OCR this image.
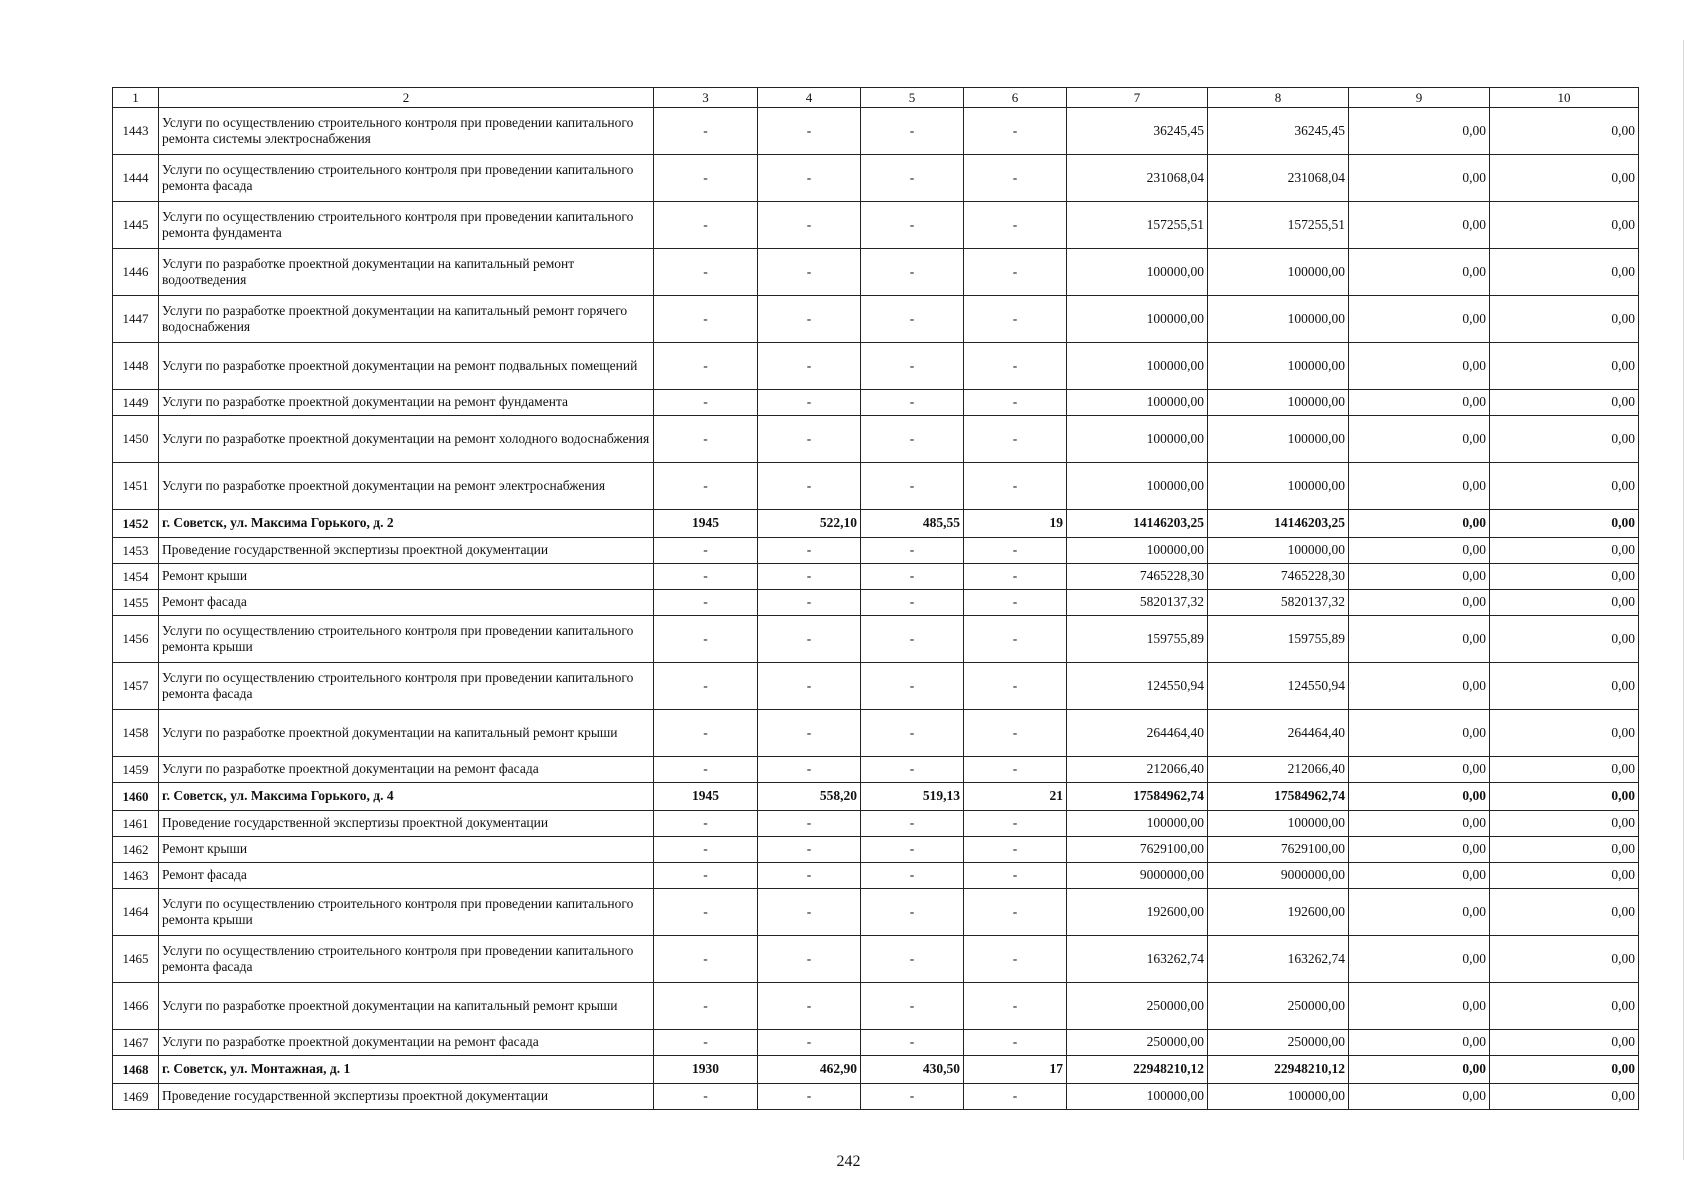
1	2	3	4	5	6	7	8	9	10
1443	Услуги по осуществлению строительного контроля при проведении капитального ремонта системы электроснабжения	-	-	-	-	36245,45	36245,45	0,00	0,00
1444	Услуги по осуществлению строительного контроля при проведении капитального ремонта фасада	-	-	-	-	231068,04	231068,04	0,00	0,00
1445	Услуги по осуществлению строительного контроля при проведении капитального ремонта фундамента	-	-	-	-	157255,51	157255,51	0,00	0,00
1446	Услуги по разработке проектной документации на капитальный ремонт водоотведения	-	-	-	-	100000,00	100000,00	0,00	0,00
1447	Услуги по разработке проектной документации на капитальный ремонт горячего водоснабжения	-	-	-	-	100000,00	100000,00	0,00	0,00
1448	Услуги по разработке проектной документации на ремонт подвальных помещений	-	-	-	-	100000,00	100000,00	0,00	0,00
1449	Услуги по разработке проектной документации на ремонт фундамента	-	-	-	-	100000,00	100000,00	0,00	0,00
1450	Услуги по разработке проектной документации на ремонт холодного водоснабжения	-	-	-	-	100000,00	100000,00	0,00	0,00
1451	Услуги по разработке проектной документации на ремонт электроснабжения	-	-	-	-	100000,00	100000,00	0,00	0,00
1452	г. Советск, ул. Максима Горького, д. 2	1945	522,10	485,55	19	14146203,25	14146203,25	0,00	0,00
1453	Проведение государственной экспертизы проектной документации	-	-	-	-	100000,00	100000,00	0,00	0,00
1454	Ремонт крыши	-	-	-	-	7465228,30	7465228,30	0,00	0,00
1455	Ремонт фасада	-	-	-	-	5820137,32	5820137,32	0,00	0,00
1456	Услуги по осуществлению строительного контроля при проведении капитального ремонта крыши	-	-	-	-	159755,89	159755,89	0,00	0,00
1457	Услуги по осуществлению строительного контроля при проведении капитального ремонта фасада	-	-	-	-	124550,94	124550,94	0,00	0,00
1458	Услуги по разработке проектной документации на капитальный ремонт крыши	-	-	-	-	264464,40	264464,40	0,00	0,00
1459	Услуги по разработке проектной документации на ремонт фасада	-	-	-	-	212066,40	212066,40	0,00	0,00
1460	г. Советск, ул. Максима Горького, д. 4	1945	558,20	519,13	21	17584962,74	17584962,74	0,00	0,00
1461	Проведение государственной экспертизы проектной документации	-	-	-	-	100000,00	100000,00	0,00	0,00
1462	Ремонт крыши	-	-	-	-	7629100,00	7629100,00	0,00	0,00
1463	Ремонт фасада	-	-	-	-	9000000,00	9000000,00	0,00	0,00
1464	Услуги по осуществлению строительного контроля при проведении капитального ремонта крыши	-	-	-	-	192600,00	192600,00	0,00	0,00
1465	Услуги по осуществлению строительного контроля при проведении капитального ремонта фасада	-	-	-	-	163262,74	163262,74	0,00	0,00
1466	Услуги по разработке проектной документации на капитальный ремонт крыши	-	-	-	-	250000,00	250000,00	0,00	0,00
1467	Услуги по разработке проектной документации на ремонт фасада	-	-	-	-	250000,00	250000,00	0,00	0,00
1468	г. Советск, ул. Монтажная, д. 1	1930	462,90	430,50	17	22948210,12	22948210,12	0,00	0,00
1469	Проведение государственной экспертизы проектной документации	-	-	-	-	100000,00	100000,00	0,00	0,00
242
